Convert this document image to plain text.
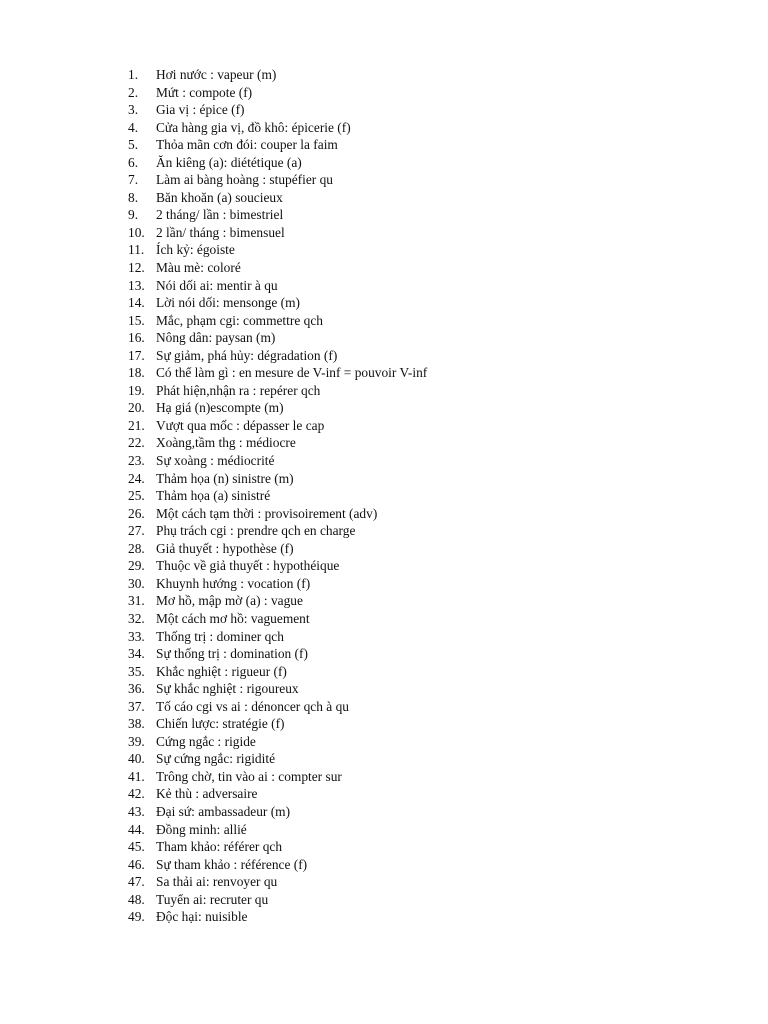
1.	Hơi nước : vapeur (m)
2.	Mứt : compote (f)
3.	Gia vị : épice (f)
4.	Cửa hàng gia vị, đồ khô: épicerie (f)
5.	Thỏa mãn cơn đói: couper la faim
6.	Ăn kiêng (a): diététique (a)
7.	Làm ai bàng hoàng : stupéfier qu
8.	Băn khoăn (a) soucieux
9.	2 tháng/ lần : bimestriel
10. 2 lần/ tháng : bimensuel
11. Ích kỷ: égoiste
12. Màu mè: coloré
13. Nói dối ai: mentir à qu
14. Lời nói dối: mensonge (m)
15. Mắc, phạm cgi: commettre qch
16. Nông dân: paysan (m)
17. Sự giảm, phá hủy: dégradation (f)
18. Có thể làm gì : en mesure de V-inf = pouvoir V-inf
19. Phát hiện,nhận ra : repérer qch
20. Hạ giá (n)escompte (m)
21. Vượt qua mốc : dépasser le cap
22. Xoàng,tầm thg : médiocre
23. Sự xoàng : médiocrité
24. Thảm họa (n) sinistre (m)
25. Thảm họa (a) sinistré
26. Một cách tạm thời : provisoirement (adv)
27. Phụ trách cgi : prendre qch en charge
28. Giả thuyết : hypothèse (f)
29. Thuộc về giả thuyết : hypothéique
30. Khuynh hướng : vocation (f)
31. Mơ hồ, mập mờ (a) : vague
32. Một cách mơ hồ: vaguement
33. Thống trị : dominer qch
34. Sự thống trị : domination (f)
35. Khắc nghiệt : rigueur (f)
36. Sự khắc nghiệt : rigoureux
37. Tố cáo cgi vs ai : dénoncer qch à qu
38. Chiến lược: stratégie (f)
39. Cứng ngắc : rigide
40. Sự cứng ngắc: rigidité
41. Trông chờ, tin vào ai : compter sur
42. Kẻ thù : adversaire
43. Đại sứ: ambassadeur (m)
44. Đồng minh: allié
45. Tham khảo: référer qch
46. Sự tham khảo : référence (f)
47. Sa thải ai: renvoyer qu
48. Tuyển ai: recruter qu
49. Độc hại: nuisible
